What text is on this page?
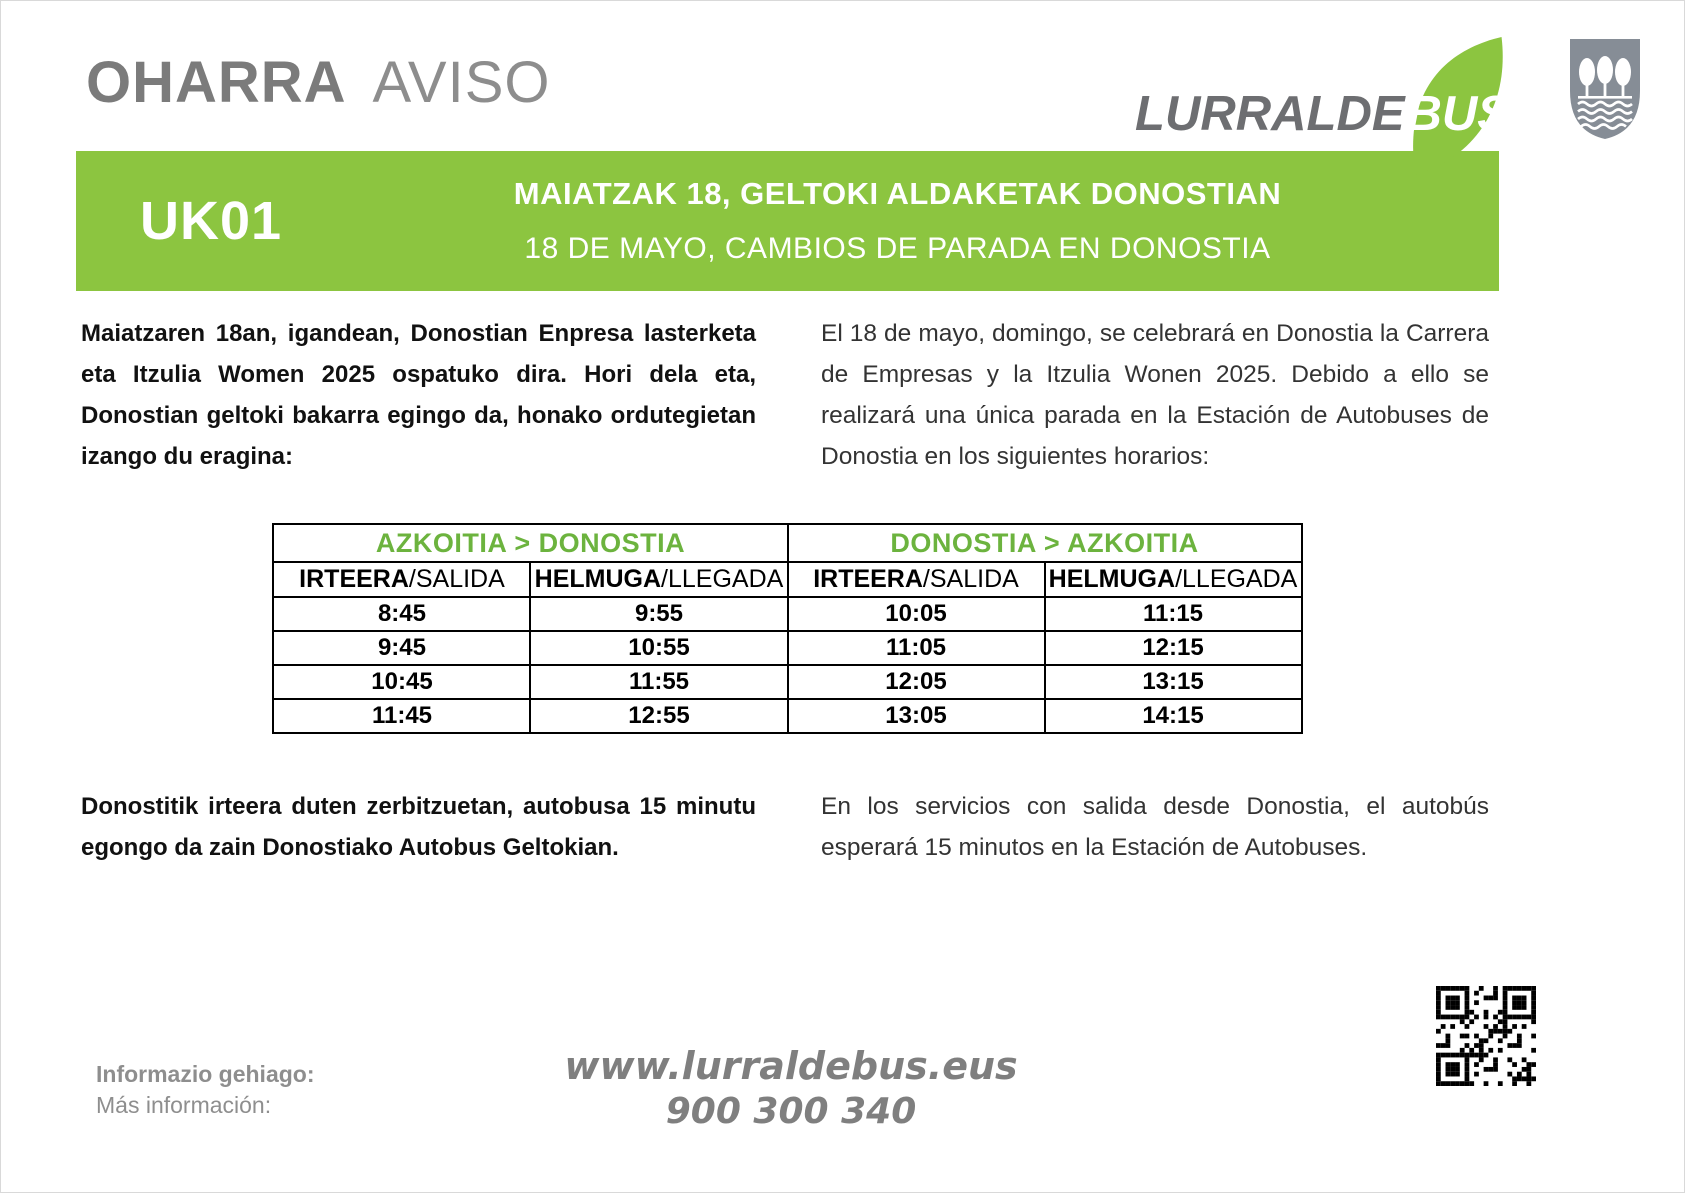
OHARRA AVISO	LURRALDE BUS
UK01	MAIATZAK 18, GELTOKI ALDAKETAK DONOSTIAN
18 DE MAYO, CAMBIOS DE PARADA EN DONOSTIA

Maiatzaren 18an, igandean, Donostian Enpresa lasterketa eta Itzulia Women 2025 ospatuko dira. Hori dela eta, Donostian geltoki bakarra egingo da, honako ordutegietan izango du eragina:

El 18 de mayo, domingo, se celebrará en Donostia la Carrera de Empresas y la Itzulia Wonen 2025. Debido a ello se realizará una única parada en la Estación de Autobuses de Donostia en los siguientes horarios:

AZKOITIA > DONOSTIA		DONOSTIA > AZKOITIA	
IRTEERA/SALIDA	HELMUGA/LLEGADA	IRTEERA/SALIDA	HELMUGA/LLEGADA
8:45	9:55	10:05	11:15
9:45	10:55	11:05	12:15
10:45	11:55	12:05	13:15
11:45	12:55	13:05	14:15

Donostitik irteera duten zerbitzuetan, autobusa 15 minutu egongo da zain Donostiako Autobus Geltokian.

En los servicios con salida desde Donostia, el autobús esperará 15 minutos en la Estación de Autobuses.

Informazio gehiago:
Más información:
www.lurraldebus.eus
900 300 340
